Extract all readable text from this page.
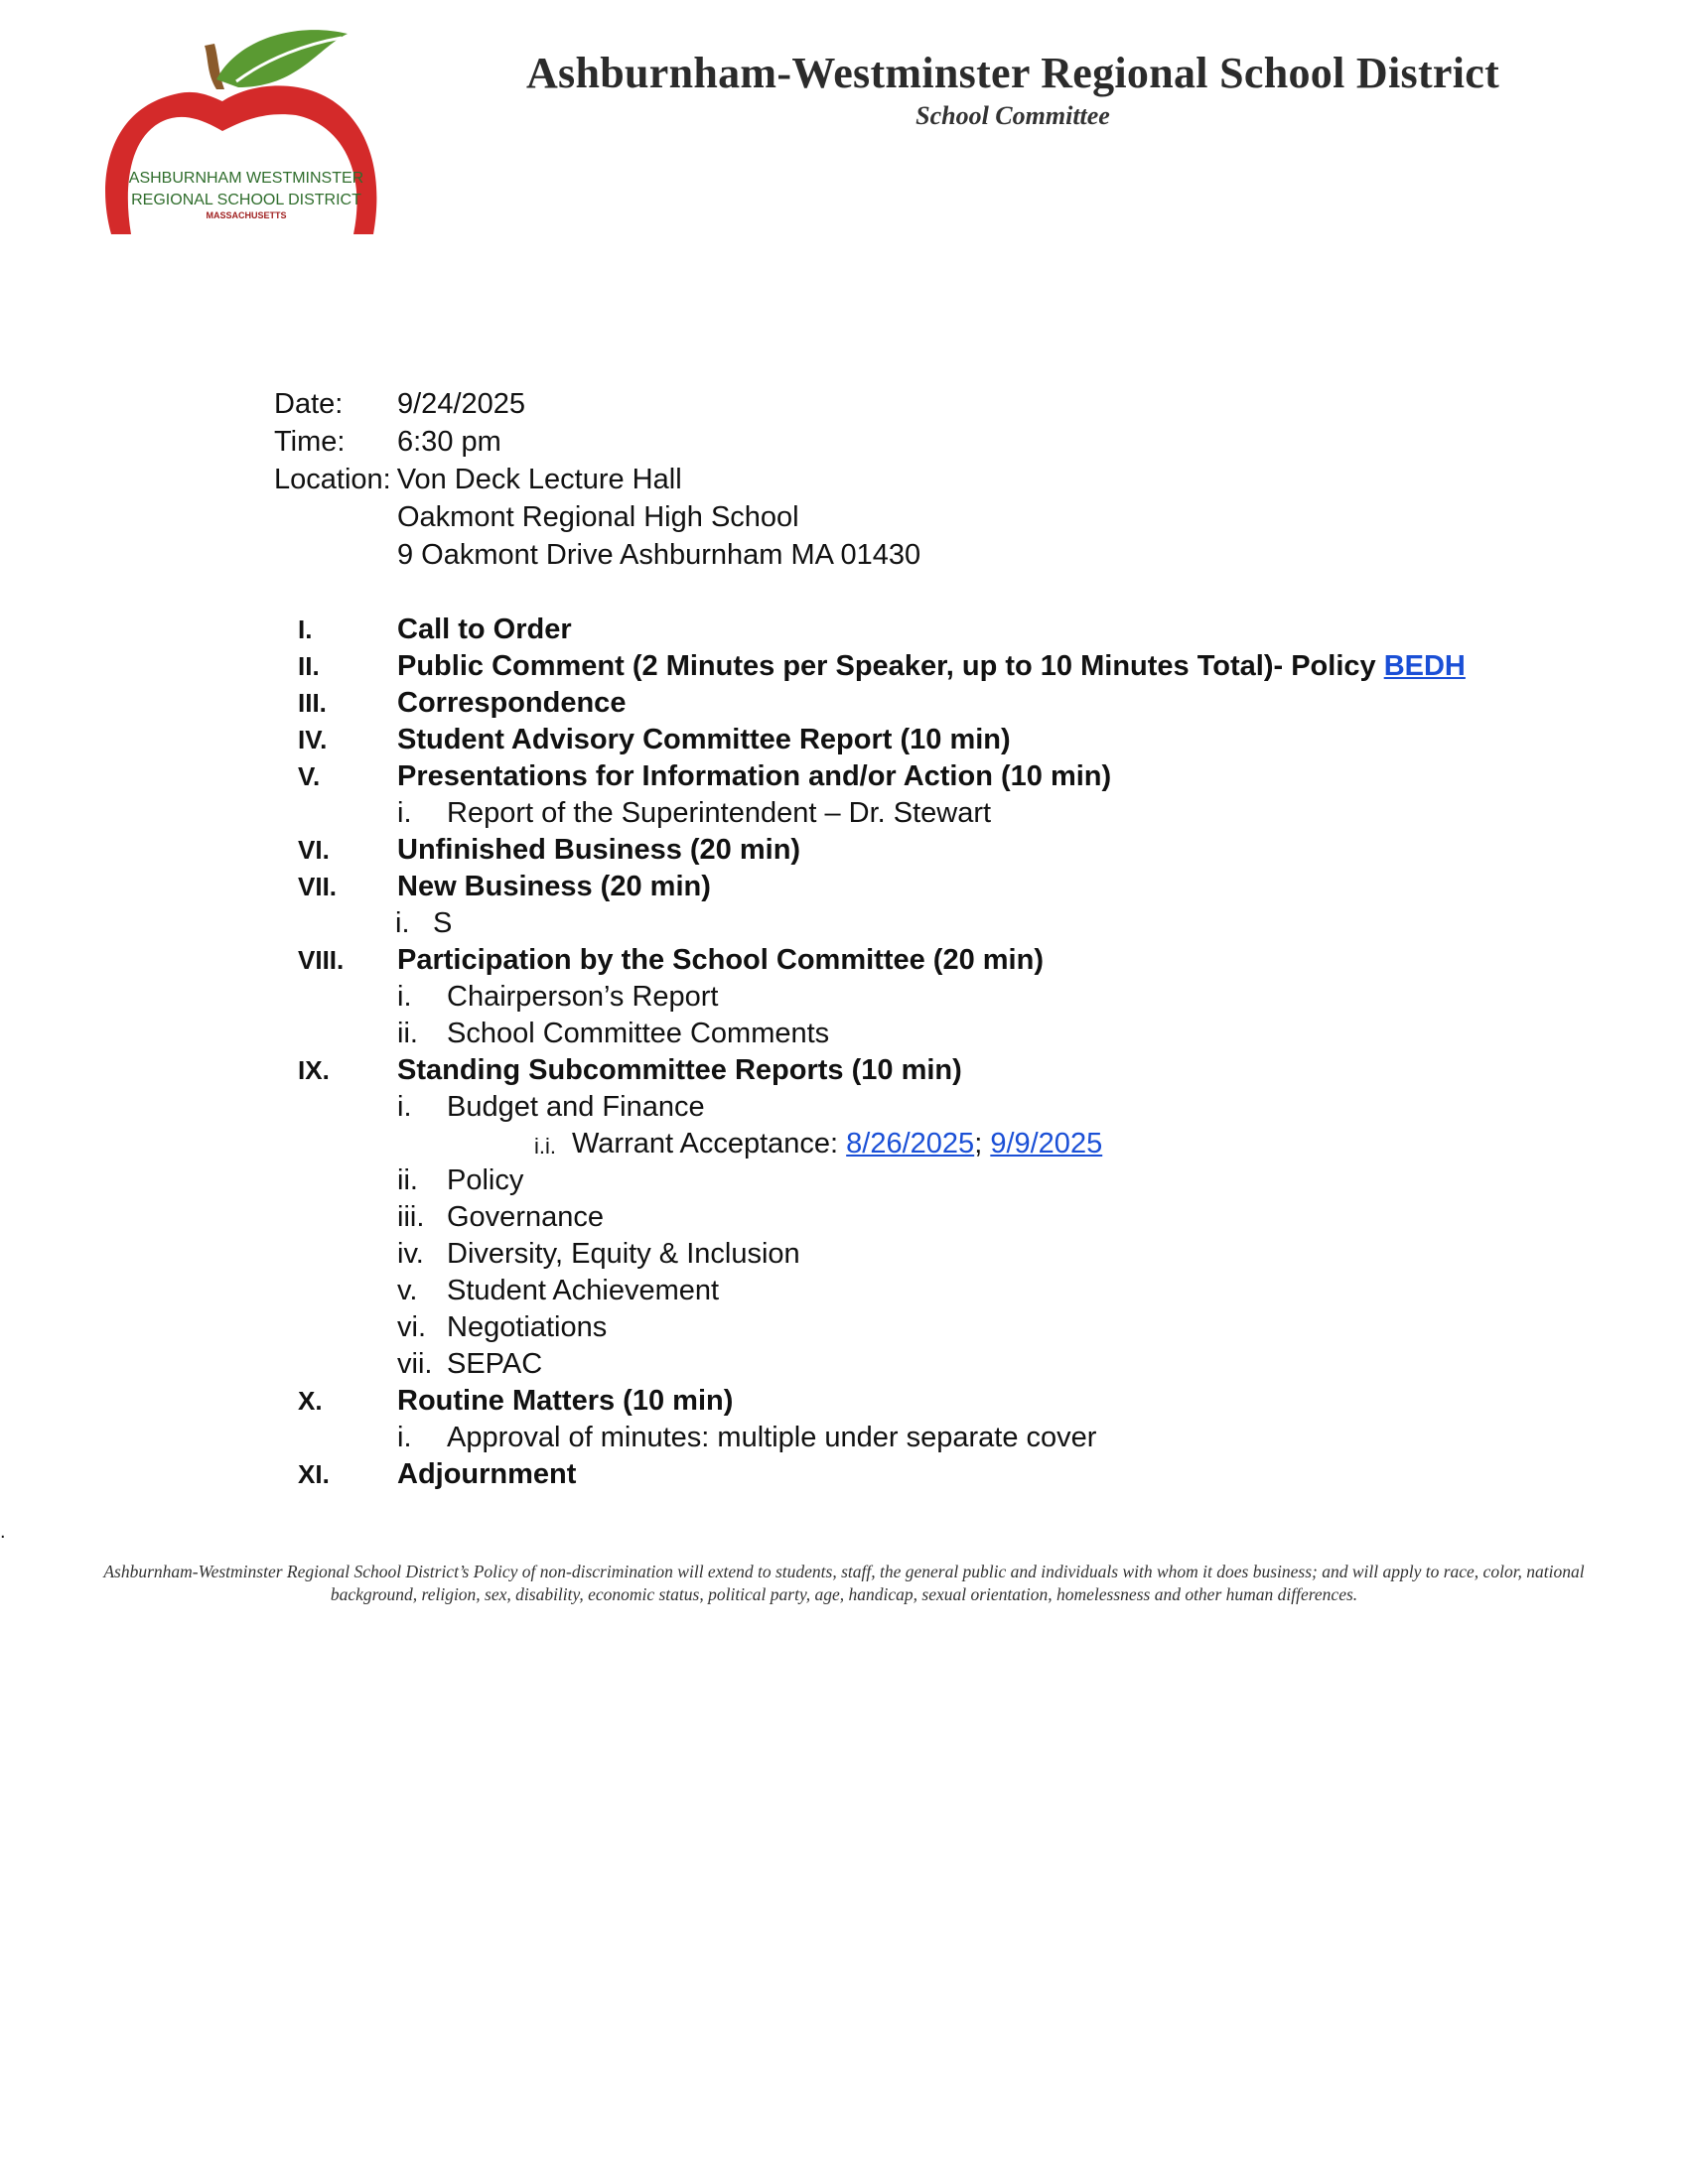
ASHBURNHAM WESTMINSTER
REGIONAL SCHOOL DISTRICT
MASSACHUSETTS
Ashburnham-Westminster Regional School District
School Committee
Date: 9/24/2025
Time: 6:30 pm
Location: Von Deck Lecture Hall
Oakmont Regional High School
9 Oakmont Drive Ashburnham MA 01430
I.	Call to Order
II.	Public Comment (2 Minutes per Speaker, up to 10 Minutes Total)- Policy BEDH
III. Correspondence
IV. Student Advisory Committee Report (10 min)
V.	Presentations for Information and/or Action (10 min)
i. Report of the Superintendent – Dr. Stewart
VI. Unfinished Business (20 min)
VII. New Business (20 min)
i. S
VIII. Participation by the School Committee (20 min)
i. Chairperson’s Report
ii. School Committee Comments
IX. Standing Subcommittee Reports (10 min)
i. Budget and Finance
i.i. Warrant Acceptance: 8/26/2025; 9/9/2025
ii. Policy
iii. Governance
iv. Diversity, Equity & Inclusion
v. Student Achievement
vi. Negotiations
vii. SEPAC
X.	Routine Matters (10 min)
i. Approval of minutes: multiple under separate cover
XI. Adjournment
.
Ashburnham-Westminster Regional School District’s Policy of non-discrimination will extend to students, staff, the general public and individuals with whom it does business; and will apply to race, color, national
background, religion, sex, disability, economic status, political party, age, handicap, sexual orientation, homelessness and other human differences.
